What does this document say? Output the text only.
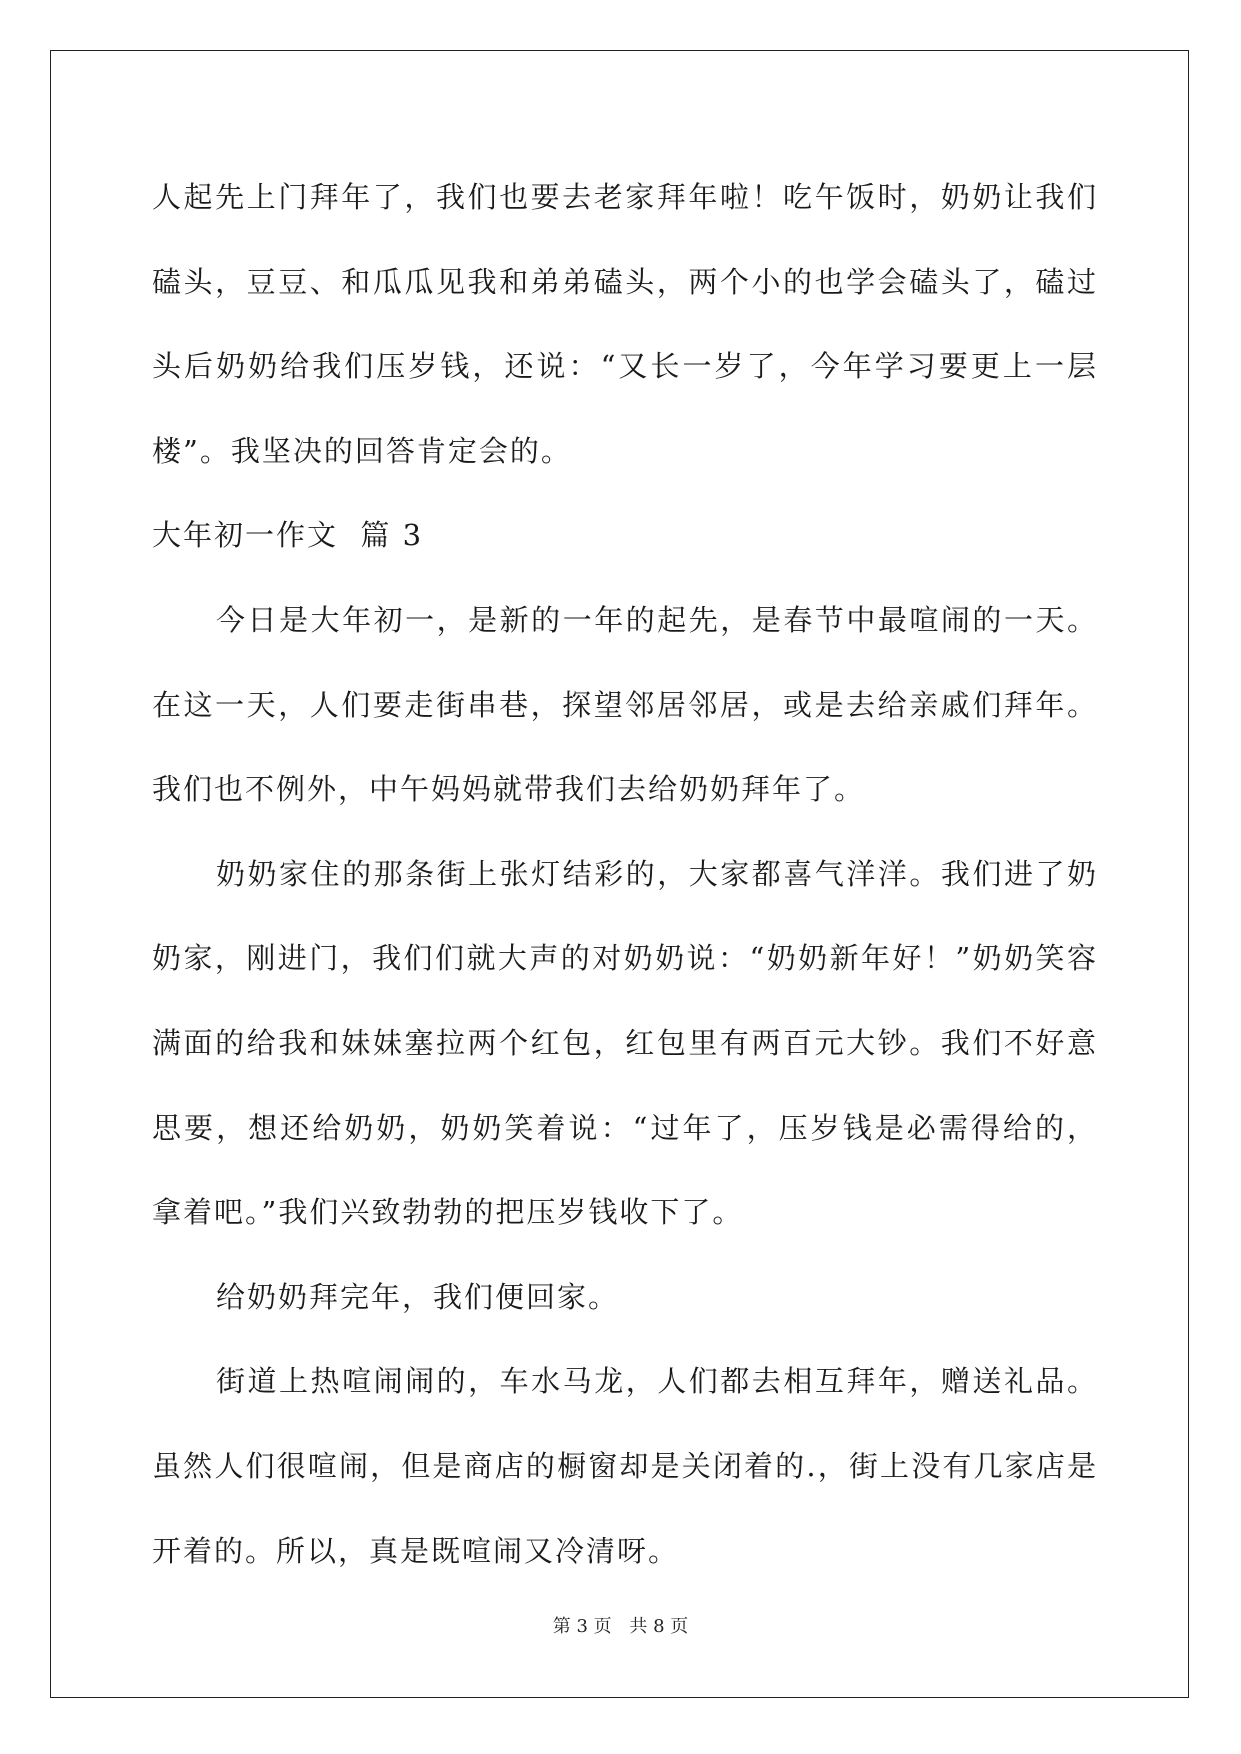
人起先上门拜年了，我们也要去老家拜年啦！吃午饭时，奶奶让我们
磕头，豆豆、和瓜瓜见我和弟弟磕头，两个小的也学会磕头了，磕过
头后奶奶给我们压岁钱，还说：“又长一岁了，今年学习要更上一层
楼”。我坚决的回答肯定会的。
大年初一作文  篇 3
今日是大年初一，是新的一年的起先，是春节中最喧闹的一天。
在这一天，人们要走街串巷，探望邻居邻居，或是去给亲戚们拜年。
我们也不例外，中午妈妈就带我们去给奶奶拜年了。
奶奶家住的那条街上张灯结彩的，大家都喜气洋洋。我们进了奶
奶家，刚进门，我们们就大声的对奶奶说：“奶奶新年好！”奶奶笑容
满面的给我和妹妹塞拉两个红包，红包里有两百元大钞。我们不好意
思要，想还给奶奶，奶奶笑着说：“过年了，压岁钱是必需得给的，
拿着吧。”我们兴致勃勃的把压岁钱收下了。
给奶奶拜完年，我们便回家。
街道上热喧闹闹的，车水马龙，人们都去相互拜年，赠送礼品。
虽然人们很喧闹，但是商店的橱窗却是关闭着的.，街上没有几家店是
开着的。所以，真是既喧闹又冷清呀。
第 3 页 共 8 页
